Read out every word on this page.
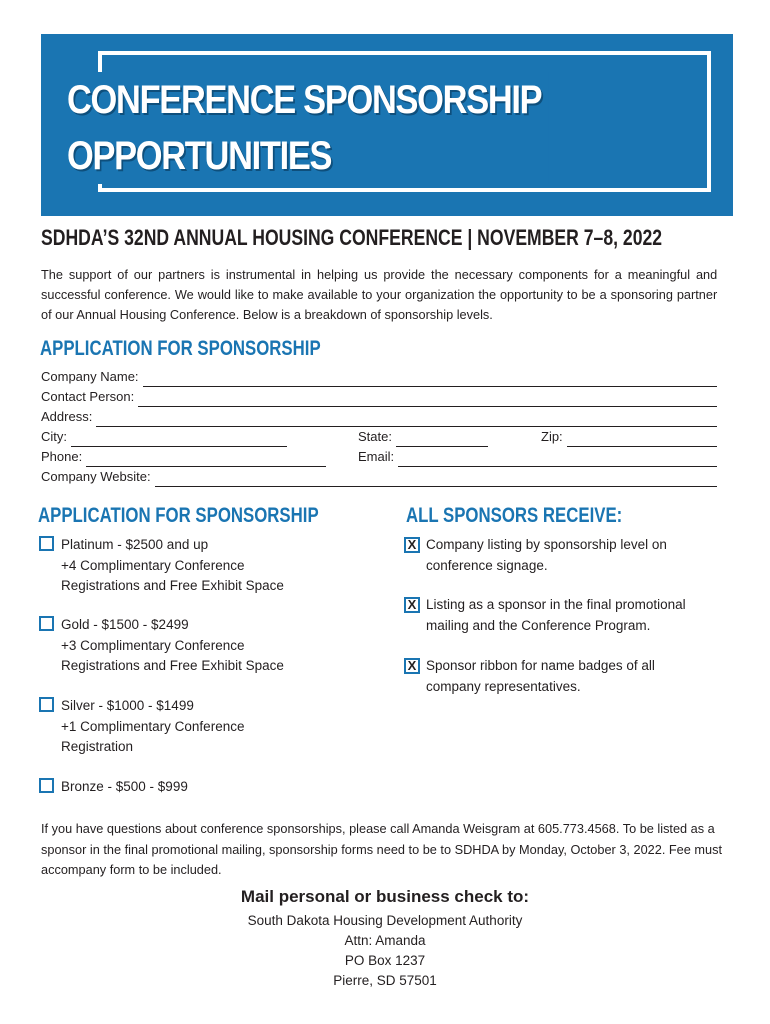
CONFERENCE SPONSORSHIP
OPPORTUNITIES
SDHDA’S 32ND ANNUAL HOUSING CONFERENCE | NOVEMBER 7–8, 2022

The support of our partners is instrumental in helping us provide the necessary components for a meaningful and successful conference. We would like to make available to your organization the opportunity to be a sponsoring partner of our Annual Housing Conference. Below is a breakdown of sponsorship levels.

APPLICATION FOR SPONSORSHIP
Company Name:
Contact Person:
Address:
City:	State:	Zip:
Phone:	Email:
Company Website:
APPLICATION FOR SPONSORSHIP
Platinum - $2500 and up
+4 Complimentary Conference
Registrations and Free Exhibit Space
Gold - $1500 - $2499
+3 Complimentary Conference
Registrations and Free Exhibit Space
Silver - $1000 - $1499
+1 Complimentary Conference
Registration
Bronze - $500 - $999
ALL SPONSORS RECEIVE:
X Company listing by sponsorship level on
conference signage.
X Listing as a sponsor in the final promotional
mailing and the Conference Program.
X Sponsor ribbon for name badges of all
company representatives.

If you have questions about conference sponsorships, please call Amanda Weisgram at 605.773.4568. To be listed as a sponsor in the final promotional mailing, sponsorship forms need to be to SDHDA by Monday, October 3, 2022. Fee must accompany form to be included.

Mail personal or business check to:
South Dakota Housing Development Authority
Attn: Amanda
PO Box 1237
Pierre, SD 57501
